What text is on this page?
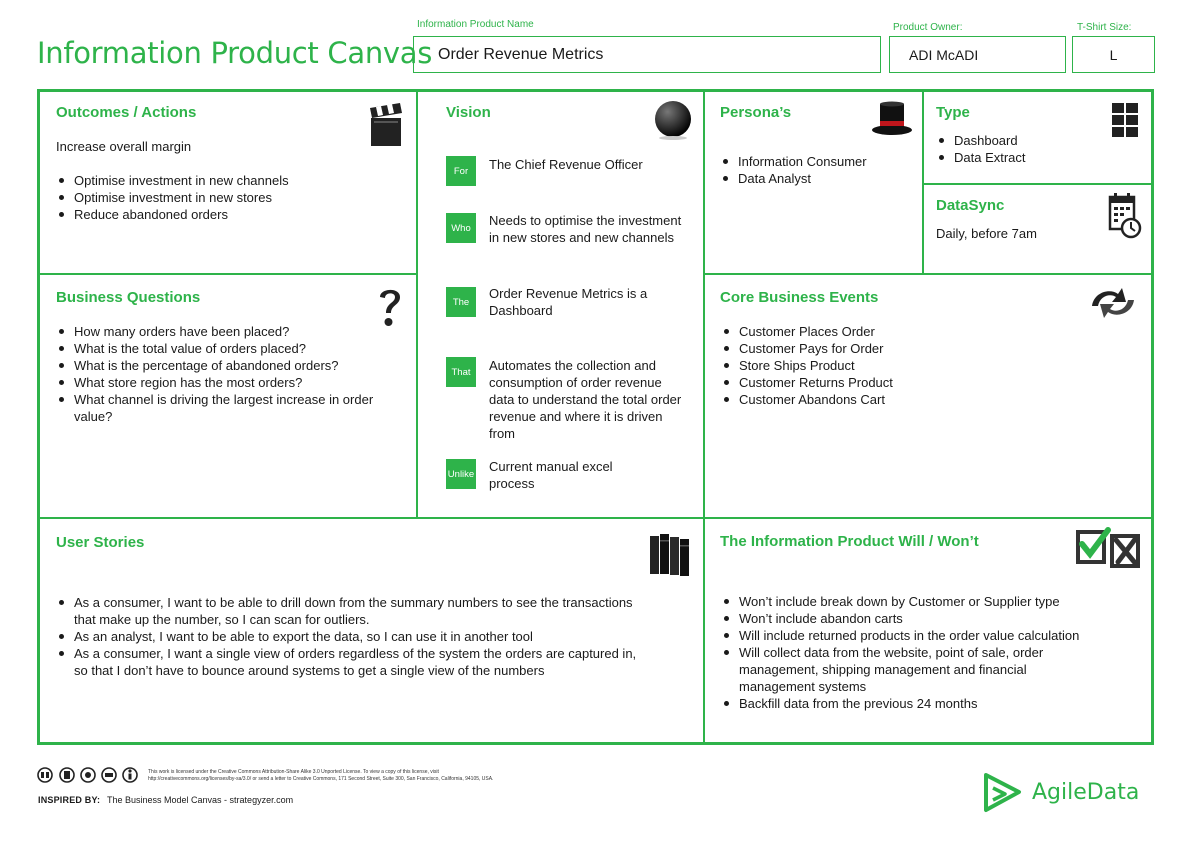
Information Product Canvas
Information Product Name
Order Revenue Metrics
Product Owner:
ADI McADI
T-Shirt Size:
L
Outcomes / Actions
Increase overall margin
Optimise investment in new channels
Optimise investment in new stores
Reduce abandoned orders
Business Questions
How many orders have been placed?
What is the total value of orders placed?
What is the percentage of abandoned orders?
What store region has the most orders?
What channel is driving the largest increase in order value?
Vision
For	The Chief Revenue Officer
Who	Needs to optimise the investment in new stores and new channels
The
Order Revenue Metrics is a Dashboard
That	Automates the collection and consumption of order revenue data to understand the total order revenue and where it is driven from
Unlike Current manual excel process
Persona’s
Information Consumer
Data Analyst
Type
Dashboard
Data Extract
DataSync
Daily, before 7am
Core Business Events
Customer Places Order
Customer Pays for Order
Store Ships Product
Customer Returns Product
Customer Abandons Cart
User Stories
As a consumer, I want to be able to drill down from the summary numbers to see the transactions that make up the number, so I can scan for outliers.
As an analyst, I want to be able to export the data, so I can use it in another tool
As a consumer, I want a single view of orders regardless of the system the orders are captured in, so that I don’t have to bounce around systems to get a single view of the numbers
The Information Product Will / Won’t
Won’t include break down by Customer or Supplier type
Won’t include abandon carts
Will include returned products in the order value calculation
Will collect data from the website, point of sale, order management, shipping management and financial management systems
Backfill data from the previous 24 months
This work is licensed under the Creative Commons Attribution-Share Alike 3.0 Unported License. To view a copy of this license, visit http://creativecommons.org/licenses/by-sa/3.0/ or send a letter to Creative Commons, 171 Second Street, Suite 300, San Francisco, California, 94105, USA.
INSPIRED BY: The Business Model Canvas - strategyzer.com	AgileData
